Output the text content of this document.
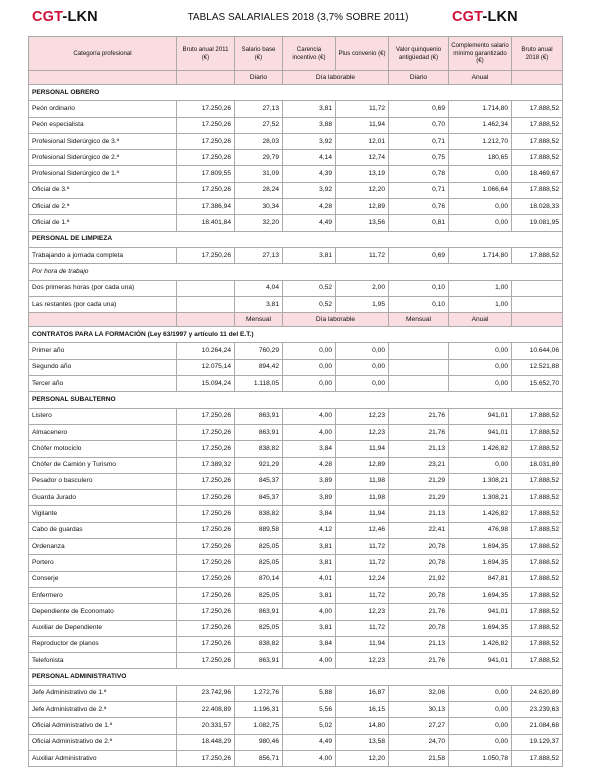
CGT-LKN	TABLAS SALARIALES 2018 (3,7% SOBRE 2011)	CGT-LKN
Categoría profesional	Bruto anual 2011 (€)	Salario base (€)	Carencia incentivo (€)	Plus convenio (€)	Valor quinquenio antigüedad (€)	Complemento salario mínimo garantizado (€)	Bruto anual 2018 (€)
		Diario	Día laborable		Diario	Anual	
PERSONAL OBRERO							
Peón ordinario	17.250,26	27,13	3,81	11,72	0,69	1.714,80	17.888,52
Peón especialista	17.250,26	27,52	3,88	11,94	0,70	1.462,34	17.888,52
Profesional Siderúrgico de 3.ª	17.250,26	28,03	3,92	12,01	0,71	1.212,70	17.888,52
Profesional Siderúrgico de 2.ª	17.250,26	29,79	4,14	12,74	0,75	180,65	17.888,52
Profesional Siderúrgico de 1.ª	17.809,55	31,09	4,39	13,19	0,78	0,00	18.469,67
Oficial de 3.ª	17.250,26	28,24	3,92	12,20	0,71	1.066,64	17.888,52
Oficial de 2.ª	17.386,94	30,34	4,28	12,89	0,76	0,00	18.028,33
Oficial de 1.ª	18.401,84	32,20	4,49	13,56	0,81	0,00	19.081,95
PERSONAL DE LIMPIEZA							
Trabajando a jornada completa	17.250,26	27,13	3,81	11,72	0,69	1.714,80	17.888,52
Por hora de trabajo							
Dos primeras horas (por cada una)		4,04	0,52	2,00	0,10	1,00	
Las restantes (por cada una)		3,81	0,52	1,95	0,10	1,00	
		Mensual	Día laborable		Mensual	Anual	
CONTRATOS PARA LA FORMACIÓN (Ley 63/1997 y artículo 11 del E.T.)							
Primer año	10.264,24	760,29	0,00	0,00		0,00	10.644,06
Segundo año	12.075,14	894,42	0,00	0,00		0,00	12.521,88
Tercer año	15.094,24	1.118,05	0,00	0,00		0,00	15.652,70
PERSONAL SUBALTERNO							
Listero	17.250,26	863,91	4,00	12,23	21,76	941,01	17.888,52
Almacenero	17.250,26	863,91	4,00	12,23	21,76	941,01	17.888,52
Chófer motociclo	17.250,26	838,82	3,84	11,94	21,13	1.426,82	17.888,52
Chófer de Camión y Turismo	17.389,32	921,29	4,28	12,89	23,21	0,00	18.031,89
Pesador o basculero	17.250,26	845,37	3,89	11,98	21,29	1.308,21	17.888,52
Guarda Jurado	17.250,26	845,37	3,89	11,98	21,29	1.308,21	17.888,52
Vigilante	17.250,26	838,82	3,84	11,94	21,13	1.426,82	17.888,52
Cabo de guardas	17.250,26	889,58	4,12	12,46	22,41	476,98	17.888,52
Ordenanza	17.250,26	825,05	3,81	11,72	20,78	1.694,35	17.888,52
Portero	17.250,26	825,05	3,81	11,72	20,78	1.694,35	17.888,52
Conserje	17.250,26	870,14	4,01	12,24	21,92	847,81	17.888,52
Enfermero	17.250,26	825,05	3,81	11,72	20,78	1.694,35	17.888,52
Dependiente de Economato	17.250,26	863,91	4,00	12,23	21,76	941,01	17.888,52
Auxiliar de Dependiente	17.250,26	825,05	3,81	11,72	20,78	1.694,35	17.888,52
Reproductor de planos	17.250,26	838,82	3,84	11,94	21,13	1.426,82	17.888,52
Telefonista	17.250,26	863,91	4,00	12,23	21,76	941,01	17.888,52
PERSONAL ADMINISTRATIVO							
Jefe Administrativo de 1.ª	23.742,96	1.272,76	5,88	16,87	32,06	0,00	24.620,89
Jefe Administrativo de 2.ª	22.408,89	1.196,31	5,56	16,15	30,13	0,00	23.239,63
Oficial Administrativo de 1.ª	20.331,57	1.082,75	5,02	14,80	27,27	0,00	21.084,68
Oficial Administrativo de 2.ª	18.448,29	980,46	4,49	13,58	24,70	0,00	19.129,37
Auxiliar Administrativo	17.250,26	856,71	4,00	12,20	21,58	1.050,78	17.888,52
